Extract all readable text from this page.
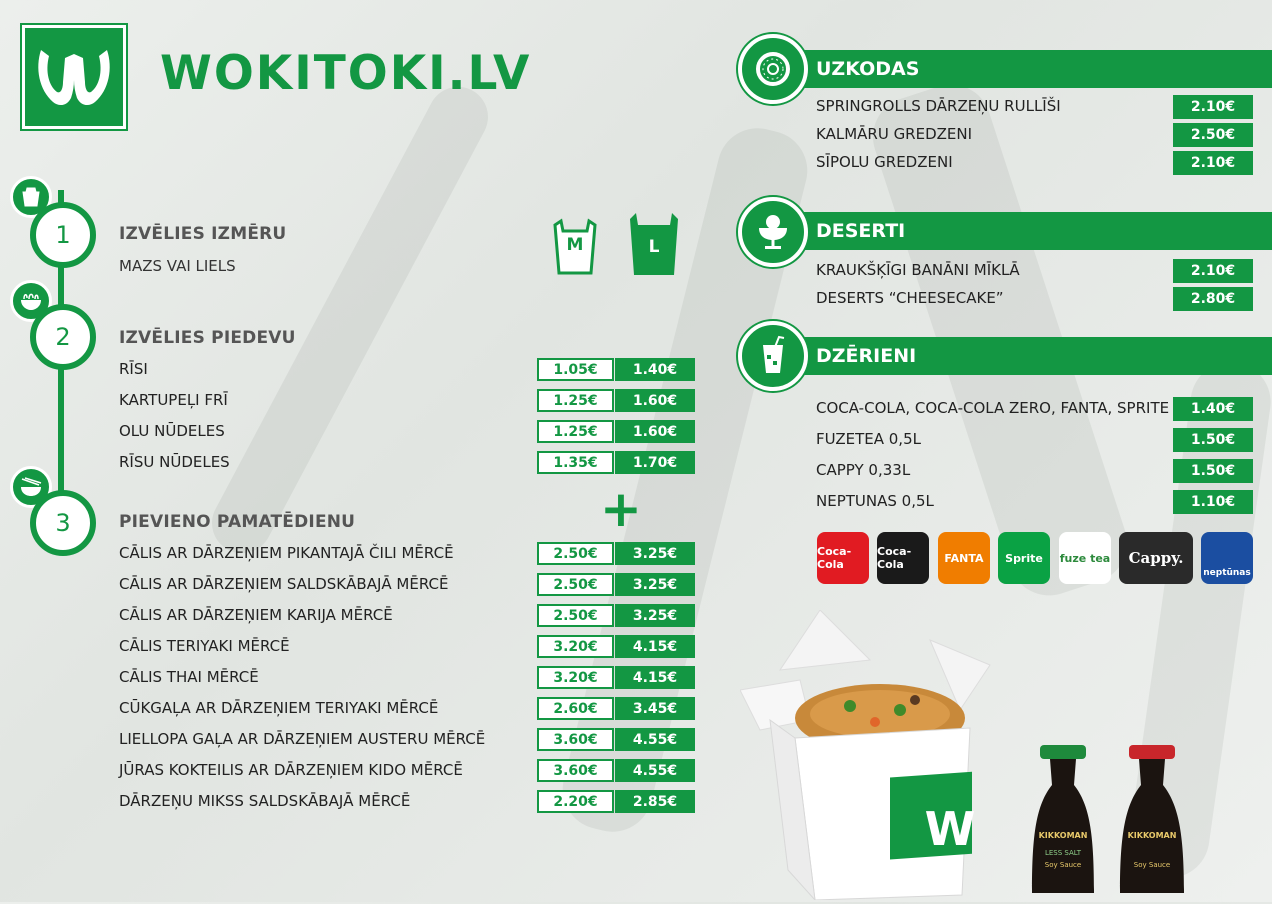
WOKITOKI.LV
1	IZVĒLIES IZMĒRU
MAZS VAI LIELS
M	L
2	IZVĒLIES PIEDEVU
RĪSI	1.05€	1.40€
KARTUPEĻI FRĪ	1.25€	1.60€
OLU NŪDELES	1.25€	1.60€
RĪSU NŪDELES	1.35€	1.70€
3	PIEVIENO PAMATĒDIENU	+
CĀLIS AR DĀRZEŅIEM PIKANTAJĀ ČILI MĒRCĒ	2.50€	3.25€
CĀLIS AR DĀRZEŅIEM SALDSKĀBAJĀ MĒRCĒ	2.50€	3.25€
CĀLIS AR DĀRZEŅIEM KARIJA MĒRCĒ	2.50€	3.25€
CĀLIS TERIYAKI MĒRCĒ	3.20€	4.15€
CĀLIS THAI MĒRCĒ	3.20€	4.15€
CŪKGAĻA AR DĀRZEŅIEM TERIYAKI MĒRCĒ	2.60€	3.45€
LIELLOPA GAĻA AR DĀRZEŅIEM AUSTERU MĒRCĒ	3.60€	4.55€
JŪRAS KOKTEILIS AR DĀRZEŅIEM KIDO MĒRCĒ	3.60€	4.55€
DĀRZEŅU MIKSS SALDSKĀBAJĀ MĒRCĒ	2.20€	2.85€
UZKODAS
SPRINGROLLS DĀRZEŅU RULLĪŠI	2.10€
KALMĀRU GREDZENI	2.50€
SĪPOLU GREDZENI	2.10€
DESERTI
KRAUKŠĶĪGI BANĀNI MĪKLĀ	2.10€
DESERTS “CHEESECAKE”	2.80€
DZĒRIENI
COCA-COLA, COCA-COLA ZERO, FANTA, SPRITE	1.40€
FUZETEA 0,5L	1.50€
CAPPY 0,33L	1.50€
NEPTUNAS 0,5L	1.10€
Coca-Cola
Coca-Cola	FANTA	Sprite	fuze tea	Cappy.
neptūnas
W	KIKKOMAN
LESS SALT
Soy Sauce
KIKKOMAN
Soy Sauce
